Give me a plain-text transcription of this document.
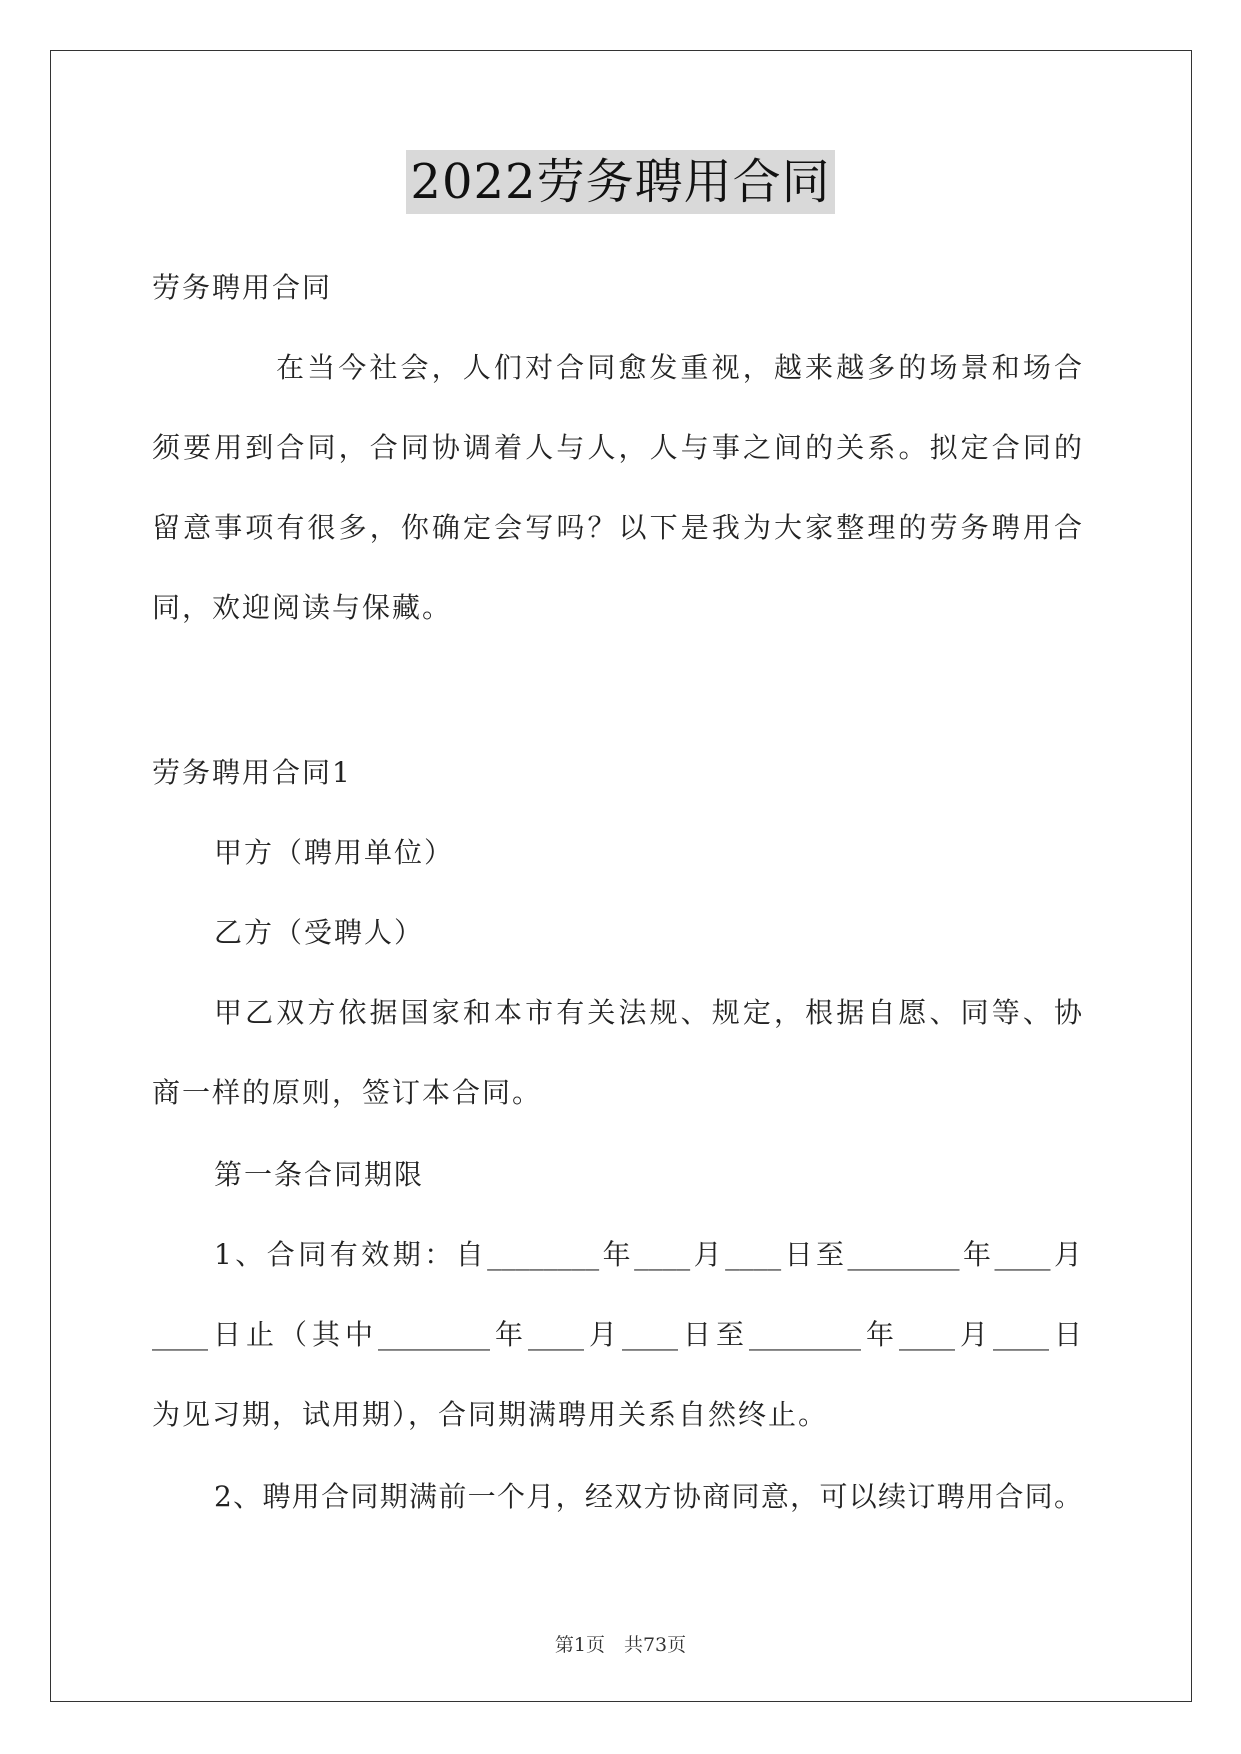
2022劳务聘用合同
劳务聘用合同
在当今社会，人们对合同愈发重视，越来越多的场景和场合
须要用到合同，合同协调着人与人，人与事之间的关系。拟定合同的
留意事项有很多，你确定会写吗？以下是我为大家整理的劳务聘用合
同，欢迎阅读与保藏。
劳务聘用合同1
甲方（聘用单位）
乙方（受聘人）
甲乙双方依据国家和本市有关法规、规定，根据自愿、同等、协
商一样的原则，签订本合同。
第一条合同期限
1、合同有效期：自________年____月____日至________年____月
____日止（其中________年____月____日至________年____月____日
为见习期，试用期），合同期满聘用关系自然终止。
2、聘用合同期满前一个月，经双方协商同意，可以续订聘用合同。
第1页　共73页
